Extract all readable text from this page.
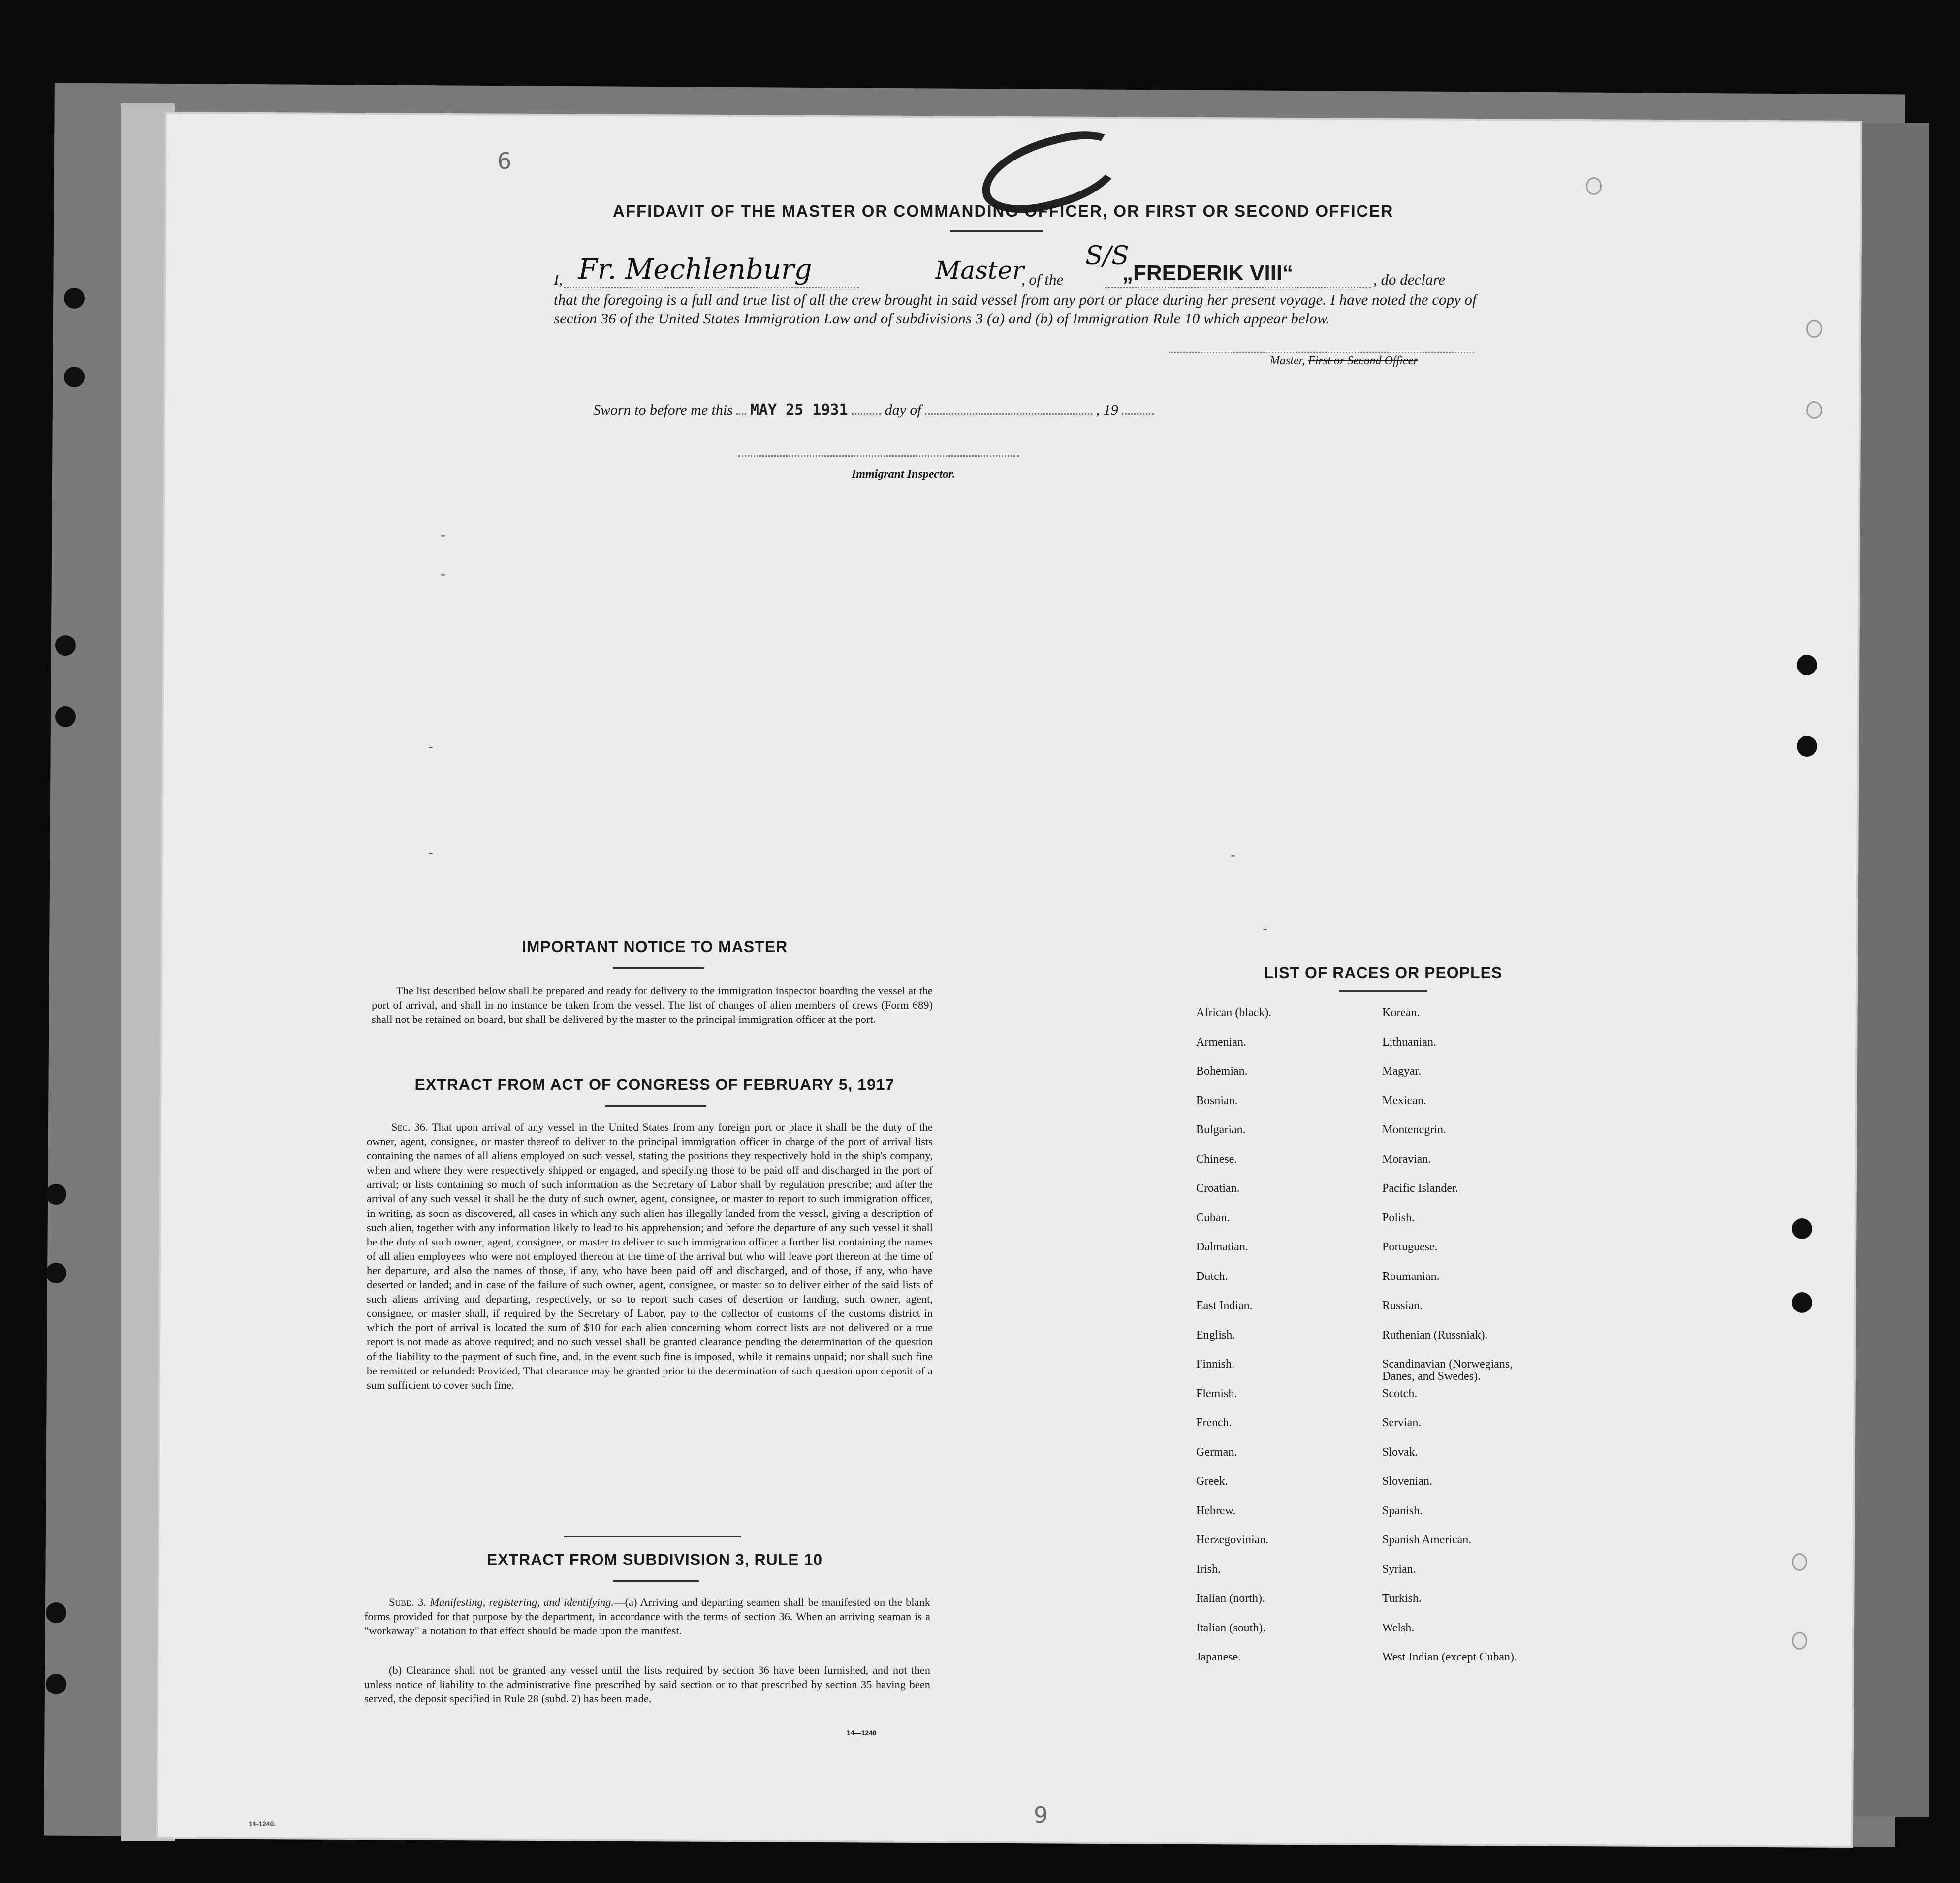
6
9
-
-
-
-	-
-
AFFIDAVIT OF THE MASTER OR COMMANDING OFFICER, OR FIRST OR SECOND OFFICER
I, Fr. Mechlenburg	Master
, of the
S/S
„FREDERIK VIII“	, do declare
that the foregoing is a full and true list of all the crew brought in said vessel from any port or place during her present voyage. I have noted the copy of section 36 of the United States Immigration Law and of subdivisions 3 (a) and (b) of Immigration Rule 10 which appear below.
Master, First or Second Officer
Sworn to before me this MAY 25 1931	day of	, 19
Immigrant Inspector.
IMPORTANT NOTICE TO MASTER
The list described below shall be prepared and ready for delivery to the immigration inspector boarding the vessel at the port of arrival, and shall in no instance be taken from the vessel. The list of changes of alien members of crews (Form 689) shall not be retained on board, but shall be delivered by the master to the principal immigration officer at the port.
EXTRACT FROM ACT OF CONGRESS OF FEBRUARY 5, 1917
Sec. 36. That upon arrival of any vessel in the United States from any foreign port or place it shall be the duty of the owner, agent, consignee, or master thereof to deliver to the principal immigration officer in charge of the port of arrival lists containing the names of all aliens employed on such vessel, stating the positions they respectively hold in the ship's company, when and where they were respectively shipped or engaged, and specifying those to be paid off and discharged in the port of arrival; or lists containing so much of such information as the Secretary of Labor shall by regulation prescribe; and after the arrival of any such vessel it shall be the duty of such owner, agent, consignee, or master to report to such immigration officer, in writing, as soon as discovered, all cases in which any such alien has illegally landed from the vessel, giving a description of such alien, together with any information likely to lead to his apprehension; and before the departure of any such vessel it shall be the duty of such owner, agent, consignee, or master to deliver to such immigration officer a further list containing the names of all alien employees who were not employed thereon at the time of the arrival but who will leave port thereon at the time of her departure, and also the names of those, if any, who have been paid off and discharged, and of those, if any, who have deserted or landed; and in case of the failure of such owner, agent, consignee, or master so to deliver either of the said lists of such aliens arriving and departing, respectively, or so to report such cases of desertion or landing, such owner, agent, consignee, or master shall, if required by the Secretary of Labor, pay to the collector of customs of the customs district in which the port of arrival is located the sum of $10 for each alien concerning whom correct lists are not delivered or a true report is not made as above required; and no such vessel shall be granted clearance pending the determination of the question of the liability to the payment of such fine, and, in the event such fine is imposed, while it remains unpaid; nor shall such fine be remitted or refunded: Provided, That clearance may be granted prior to the determination of such question upon deposit of a sum sufficient to cover such fine.
EXTRACT FROM SUBDIVISION 3, RULE 10
Subd. 3. Manifesting, registering, and identifying.—(a) Arriving and departing seamen shall be manifested on the blank forms provided for that purpose by the department, in accordance with the terms of section 36. When an arriving seaman is a "workaway" a notation to that effect should be made upon the manifest.
(b) Clearance shall not be granted any vessel until the lists required by section 36 have been furnished, and not then unless notice of liability to the administrative fine prescribed by said section or to that prescribed by section 35 having been served, the deposit specified in Rule 28 (subd. 2) has been made.
14—1240
14-1240.
LIST OF RACES OR PEOPLES
African (black).	Korean.
Armenian.	Lithuanian.
Bohemian.	Magyar.
Bosnian.	Mexican.
Bulgarian.	Montenegrin.
Chinese.	Moravian.
Croatian.	Pacific Islander.
Cuban.	Polish.
Dalmatian.	Portuguese.
Dutch.	Roumanian.
East Indian.	Russian.
English.	Ruthenian (Russniak).
Finnish.	Scandinavian (Norwegians,
Danes, and Swedes).
Flemish.	Scotch.
French.	Servian.
German.	Slovak.
Greek.	Slovenian.
Hebrew.	Spanish.
Herzegovinian.	Spanish American.
Irish.	Syrian.
Italian (north).	Turkish.
Italian (south).	Welsh.
Japanese.	West Indian (except Cuban).
